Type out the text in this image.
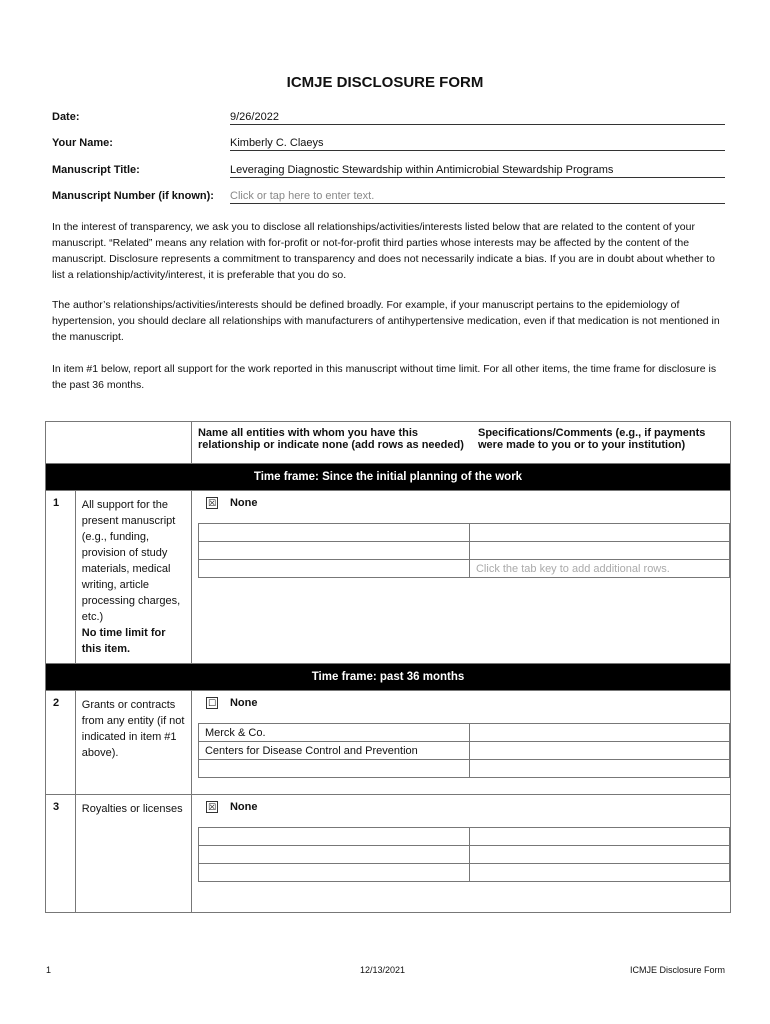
ICMJE DISCLOSURE FORM
Date:	9/26/2022
Your Name:	Kimberly C. Claeys
Manuscript Title:	Leveraging Diagnostic Stewardship within Antimicrobial Stewardship Programs
Manuscript Number (if known): Click or tap here to enter text.
In the interest of transparency, we ask you to disclose all relationships/activities/interests listed below that are related to the content of your manuscript. “Related” means any relation with for-profit or not-for-profit third parties whose interests may be affected by the content of the manuscript. Disclosure represents a commitment to transparency and does not necessarily indicate a bias. If you are in doubt about whether to list a relationship/activity/interest, it is preferable that you do so.
The author’s relationships/activities/interests should be defined broadly. For example, if your manuscript pertains to the epidemiology of hypertension, you should declare all relationships with manufacturers of antihypertensive medication, even if that medication is not mentioned in the manuscript.
In item #1 below, report all support for the work reported in this manuscript without time limit. For all other items, the time frame for disclosure is the past 36 months.
	Name all entities with whom you have this relationship or indicate none (add rows as needed)	Specifications/Comments (e.g., if payments were made to you or to your institution)
Time frame: Since the initial planning of the work
1	All support for the present manuscript (e.g., funding, provision of study materials, medical writing, article processing charges, etc.)
No time limit for this item.	
☒ None

	Click the tab key to add additional rows.

Time frame: past 36 months
2	Grants or contracts from any entity (if not indicated in item #1 above).	
☐ None
Merck & Co.	
Centers for Disease Control and Prevention	

3	Royalties or licenses	☒ None

1	12/13/2021	ICMJE Disclosure Form
